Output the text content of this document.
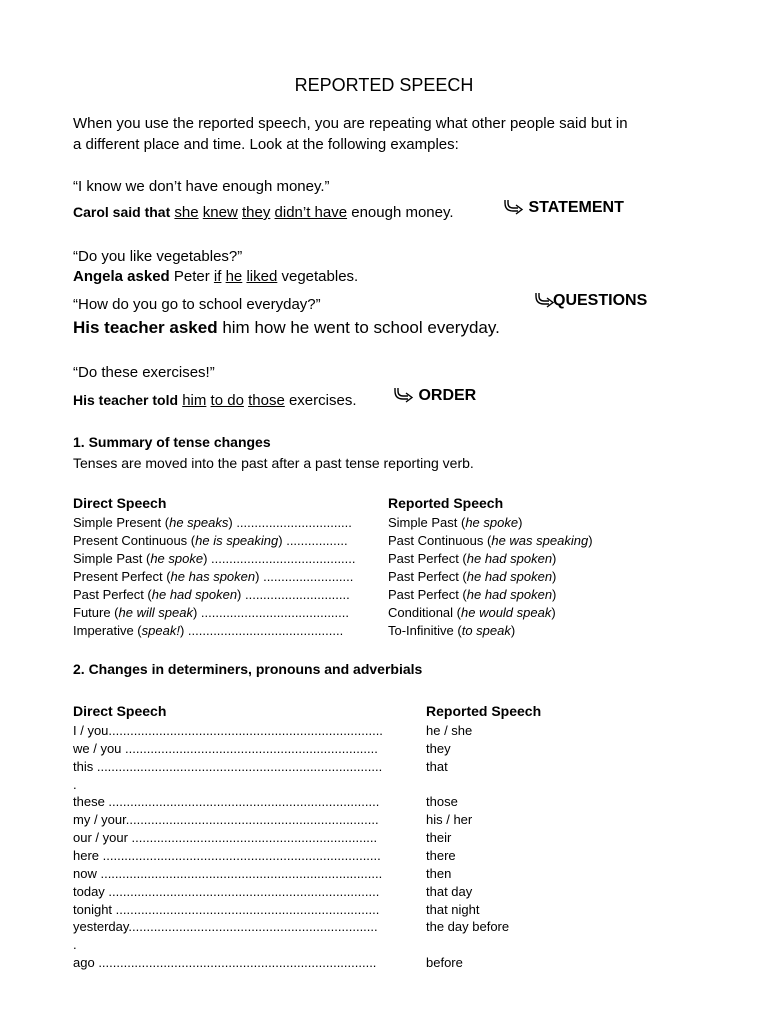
REPORTED SPEECH
When you use the reported speech, you are repeating what other people said but in
a different place and time. Look at the following examples:
“I know we don’t have enough money.”
Carol said that she knew they didn’t have enough money.	STATEMENT
“Do you like vegetables?”
Angela asked Peter if he liked vegetables.
“How do you go to school everyday?”	QUESTIONS
His teacher asked him how he went to school everyday.
“Do these exercises!”
His teacher told him to do those exercises.	ORDER
1. Summary of tense changes
Tenses are moved into the past after a past tense reporting verb.
Direct Speech	Reported Speech
Simple Present (he speaks) ................................	Simple Past (he spoke)
Present Continuous (he is speaking) .................	Past Continuous (he was speaking)
Simple Past (he spoke) ........................................ Past Perfect (he had spoken)
Present Perfect (he has spoken) .........................	Past Perfect (he had spoken)
Past Perfect (he had spoken) .............................	Past Perfect (he had spoken)
Future (he will speak) .........................................	Conditional (he would speak)
Imperative (speak!) ...........................................	To-Infinitive (to speak)
2. Changes in determiners, pronouns and adverbials
Direct Speech	Reported Speech
I / you............................................................................	he / she
we / you ......................................................................	they
this ...............................................................................	that
.
these ...........................................................................	those
my / your......................................................................	his / her
our / your ....................................................................	their
here .............................................................................	there
now ..............................................................................	then
today ...........................................................................	that day
tonight .........................................................................	that night
yesterday.....................................................................	the day before
.
ago .............................................................................	before
